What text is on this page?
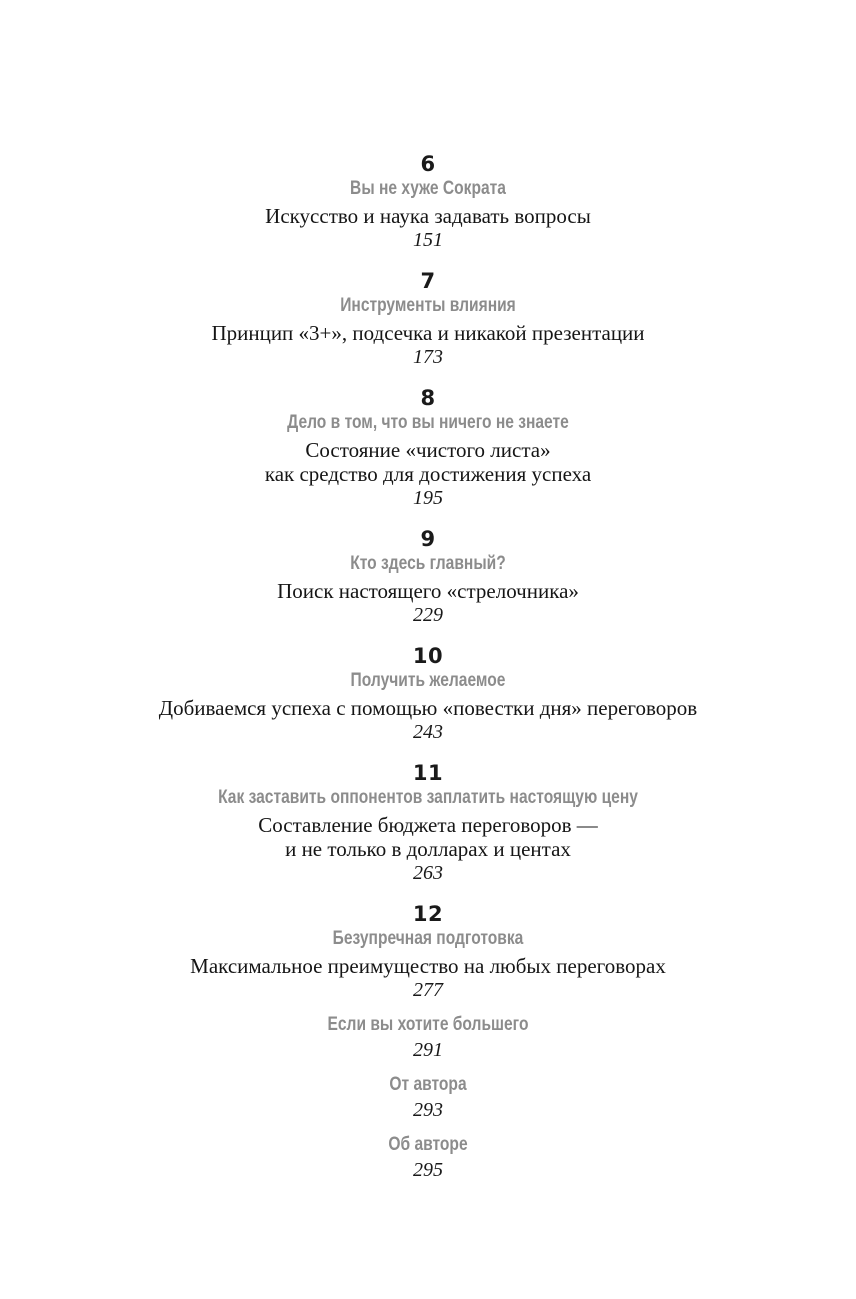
6
Вы не хуже Сократа
Искусство и наука задавать вопросы
151
7
Инструменты влияния
Принцип «3+», подсечка и никакой презентации
173
8
Дело в том, что вы ничего не знаете
Состояние «чистого листа»
как средство для достижения успеха
195
9
Кто здесь главный?
Поиск настоящего «стрелочника»
229
10
Получить желаемое
Добиваемся успеха с помощью «повестки дня» переговоров
243
11
Как заставить оппонентов заплатить настоящую цену
Составление бюджета переговоров —
и не только в долларах и центах
263
12
Безупречная подготовка
Максимальное преимущество на любых переговорах
277
Если вы хотите большего
291
От автора
293
Об авторе
295
